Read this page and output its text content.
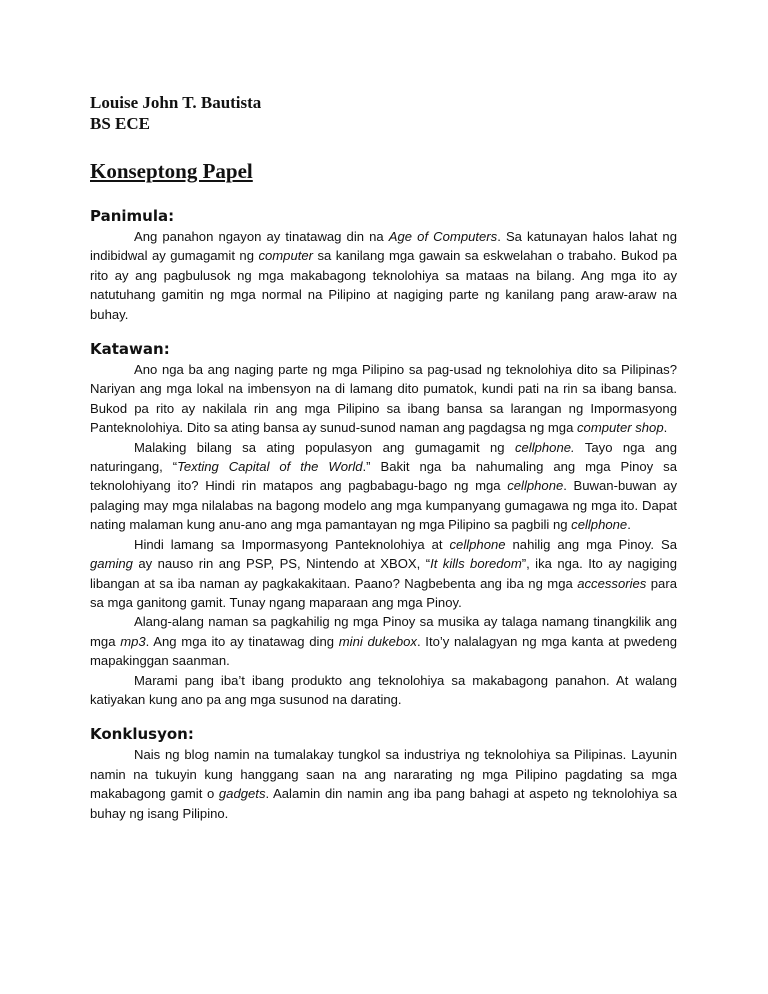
Louise John T. Bautista
BS ECE
Konseptong Papel
Panimula:

Ang panahon ngayon ay tinatawag din na Age of Computers. Sa katunayan halos lahat ng indibidwal ay gumagamit ng computer sa kanilang mga gawain sa eskwelahan o trabaho. Bukod pa rito ay ang pagbulusok ng mga makabagong teknolohiya sa mataas na bilang. Ang mga ito ay natutuhang gamitin ng mga normal na Pilipino at nagiging parte ng kanilang pang araw-araw na buhay.

Katawan:

Ano nga ba ang naging parte ng mga Pilipino sa pag-usad ng teknolohiya dito sa Pilipinas? Nariyan ang mga lokal na imbensyon na di lamang dito pumatok, kundi pati na rin sa ibang bansa. Bukod pa rito ay nakilala rin ang mga Pilipino sa ibang bansa sa larangan ng Impormasyong Panteknolohiya. Dito sa ating bansa ay sunud-sunod naman ang pagdagsa ng mga computer shop.

Malaking bilang sa ating populasyon ang gumagamit ng cellphone. Tayo nga ang naturingang, “Texting Capital of the World.” Bakit nga ba nahumaling ang mga Pinoy sa teknolohiyang ito? Hindi rin matapos ang pagbabagu-bago ng mga cellphone. Buwan-buwan ay palaging may mga nilalabas na bagong modelo ang mga kumpanyang gumagawa ng mga ito. Dapat nating malaman kung anu-ano ang mga pamantayan ng mga Pilipino sa pagbili ng cellphone.

Hindi lamang sa Impormasyong Panteknolohiya at cellphone nahilig ang mga Pinoy. Sa gaming ay nauso rin ang PSP, PS, Nintendo at XBOX, “It kills boredom”, ika nga. Ito ay nagiging libangan at sa iba naman ay pagkakakitaan. Paano? Nagbebenta ang iba ng mga accessories para sa mga ganitong gamit. Tunay ngang maparaan ang mga Pinoy.

Alang-alang naman sa pagkahilig ng mga Pinoy sa musika ay talaga namang tinangkilik ang mga mp3. Ang mga ito ay tinatawag ding mini dukebox. Ito’y nalalagyan ng mga kanta at pwedeng mapakinggan saanman.

Marami pang iba’t ibang produkto ang teknolohiya sa makabagong panahon. At walang katiyakan kung ano pa ang mga susunod na darating.

Konklusyon:

Nais ng blog namin na tumalakay tungkol sa industriya ng teknolohiya sa Pilipinas. Layunin namin na tukuyin kung hanggang saan na ang nararating ng mga Pilipino pagdating sa mga makabagong gamit o gadgets. Aalamin din namin ang iba pang bahagi at aspeto ng teknolohiya sa buhay ng isang Pilipino.
